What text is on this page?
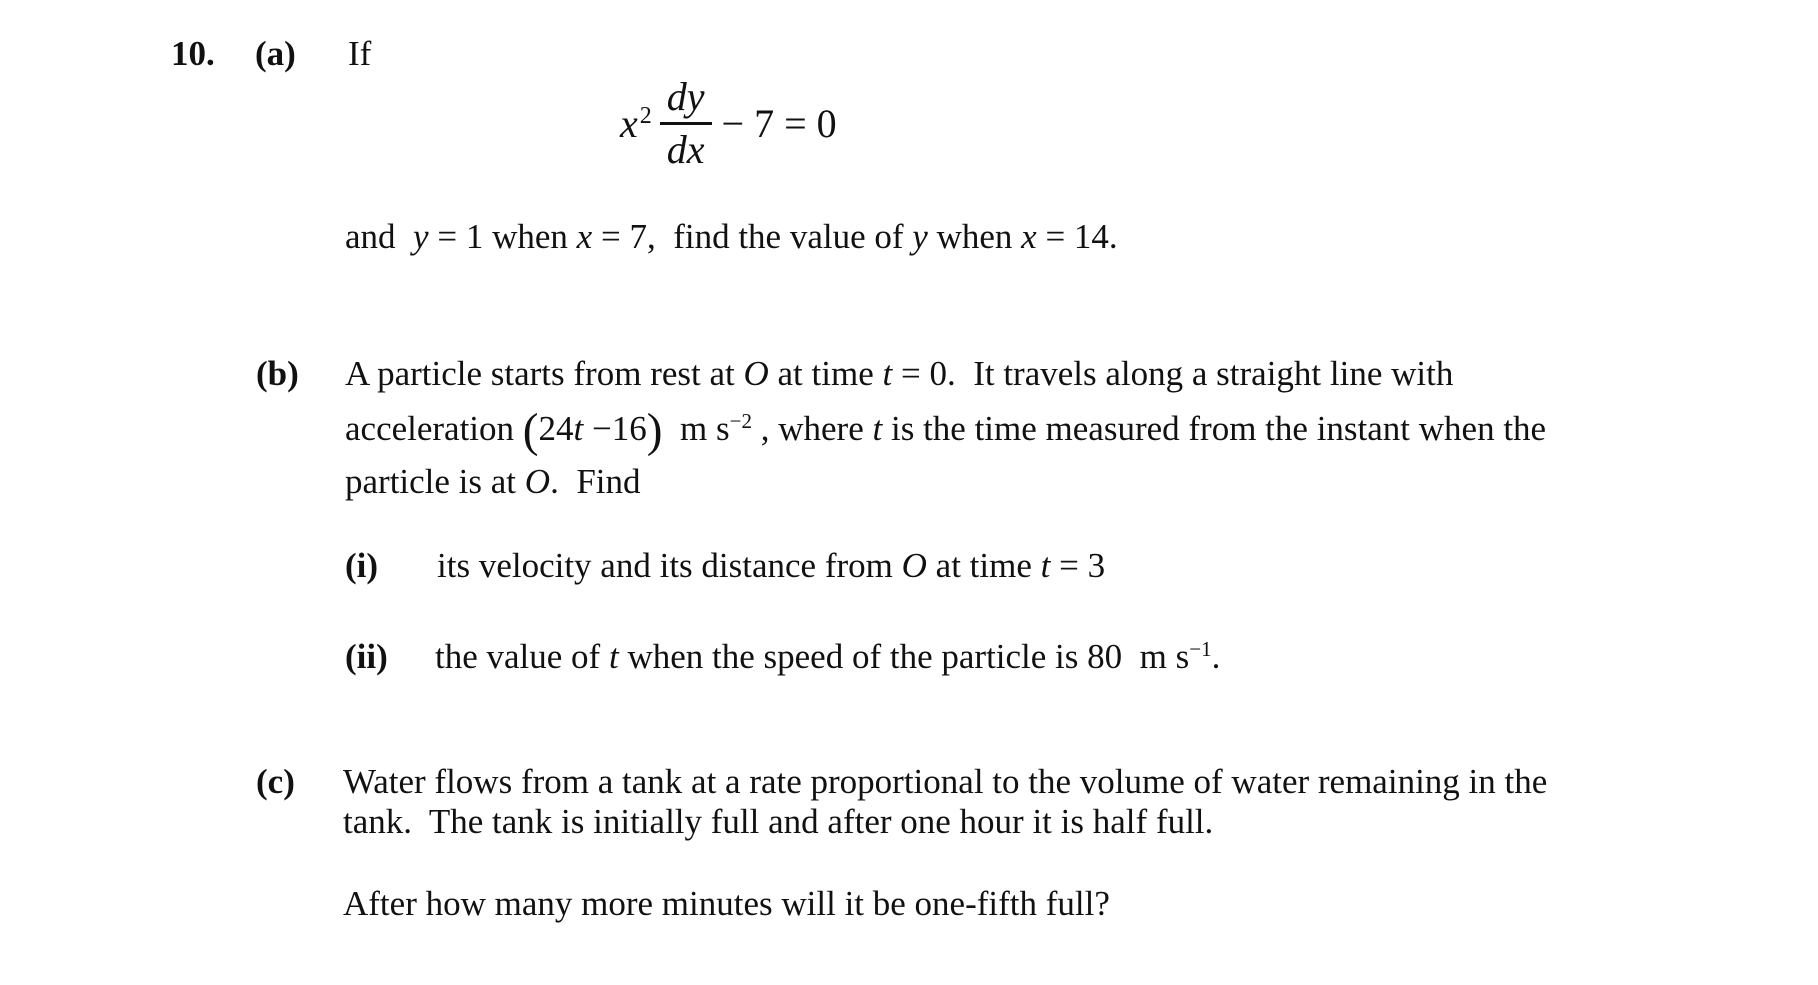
10. (a) If
$x^2 \frac{dy}{dx} - 7 = 0$
and  y = 1 when x = 7,  find the value of y when x = 14.
(b) A particle starts from rest at O at time t = 0.  It travels along a straight line with
acceleration (24t −16)  m $s^{-2}$ , where t is the time measured from the instant when the
particle is at O.  Find
(i) its velocity and its distance from O at time t = 3
(ii) the value of t when the speed of the particle is 80  m $s^{-1}$.
(c) Water flows from a tank at a rate proportional to the volume of water remaining in the
tank.  The tank is initially full and after one hour it is half full.
After how many more minutes will it be one-fifth full?
